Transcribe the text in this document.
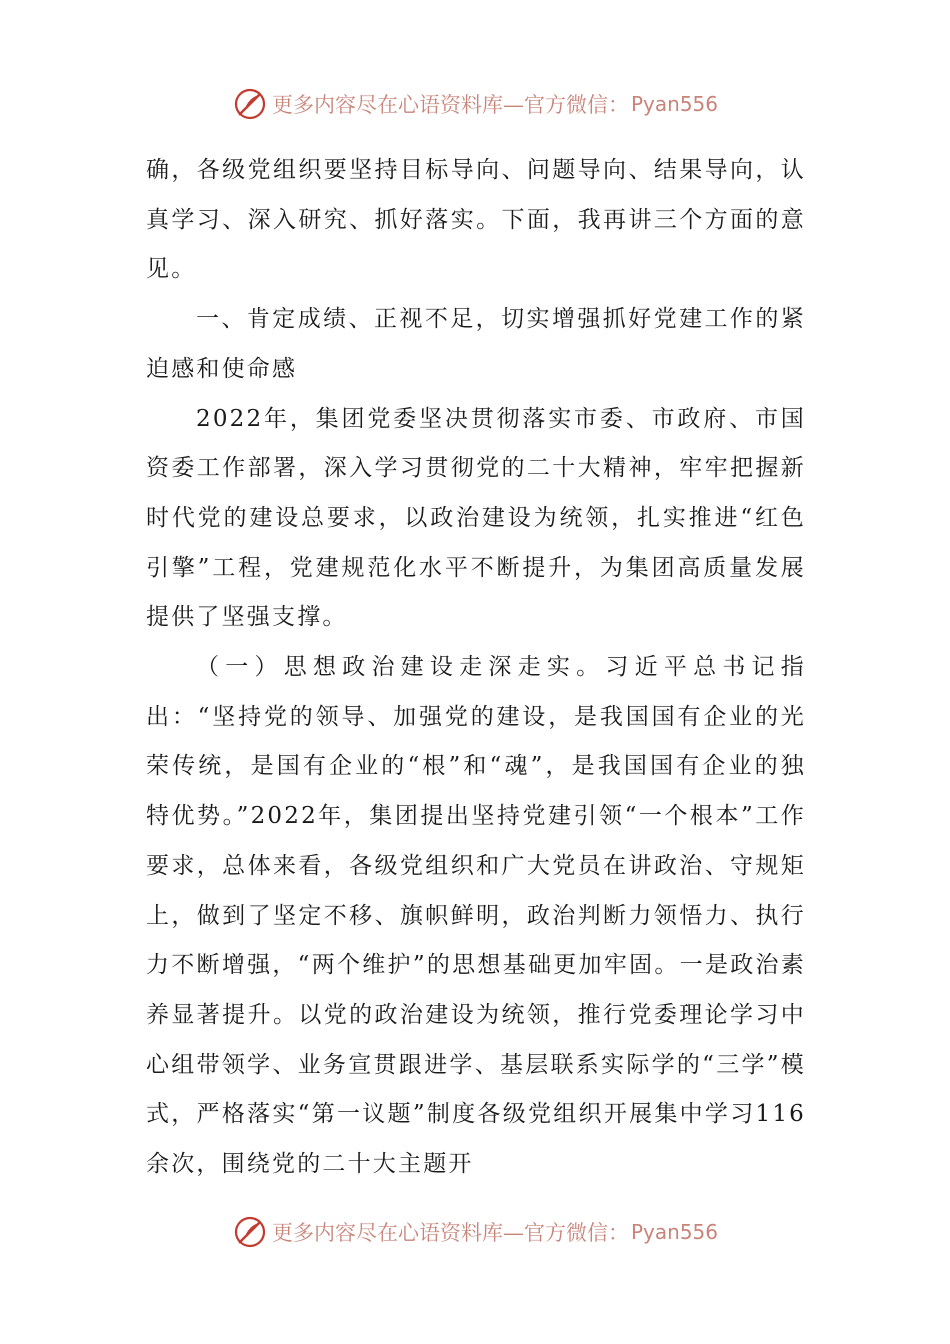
更多内容尽在心语资料库—官方微信： Pyan556

确，各级党组织要坚持目标导向、问题导向、结果导向，认真学习、深入研究、抓好落实。下面，我再讲三个方面的意见。

一、肯定成绩、正视不足，切实增强抓好党建工作的紧迫感和使命感

2022年，集团党委坚决贯彻落实市委、市政府、市国资委工作部署，深入学习贯彻党的二十大精神，牢牢把握新时代党的建设总要求，以政治建设为统领，扎实推进“红色引擎”工程，党建规范化水平不断提升，为集团高质量发展提供了坚强支撑。

（一）思想政治建设走深走实。习近平总书记指出：“坚持党的领导、加强党的建设，是我国国有企业的光荣传统，是国有企业的“根”和“魂”，是我国国有企业的独特优势。”2022年，集团提出坚持党建引领“一个根本”工作要求，总体来看，各级党组织和广大党员在讲政治、守规矩上，做到了坚定不移、旗帜鲜明，政治判断力领悟力、执行力不断增强，“两个维护”的思想基础更加牢固。一是政治素养显著提升。以党的政治建设为统领，推行党委理论学习中心组带领学、业务宣贯跟进学、基层联系实际学的“三学”模式，严格落实“第一议题”制度各级党组织开展集中学习116余次，围绕党的二十大主题开

更多内容尽在心语资料库—官方微信： Pyan556
